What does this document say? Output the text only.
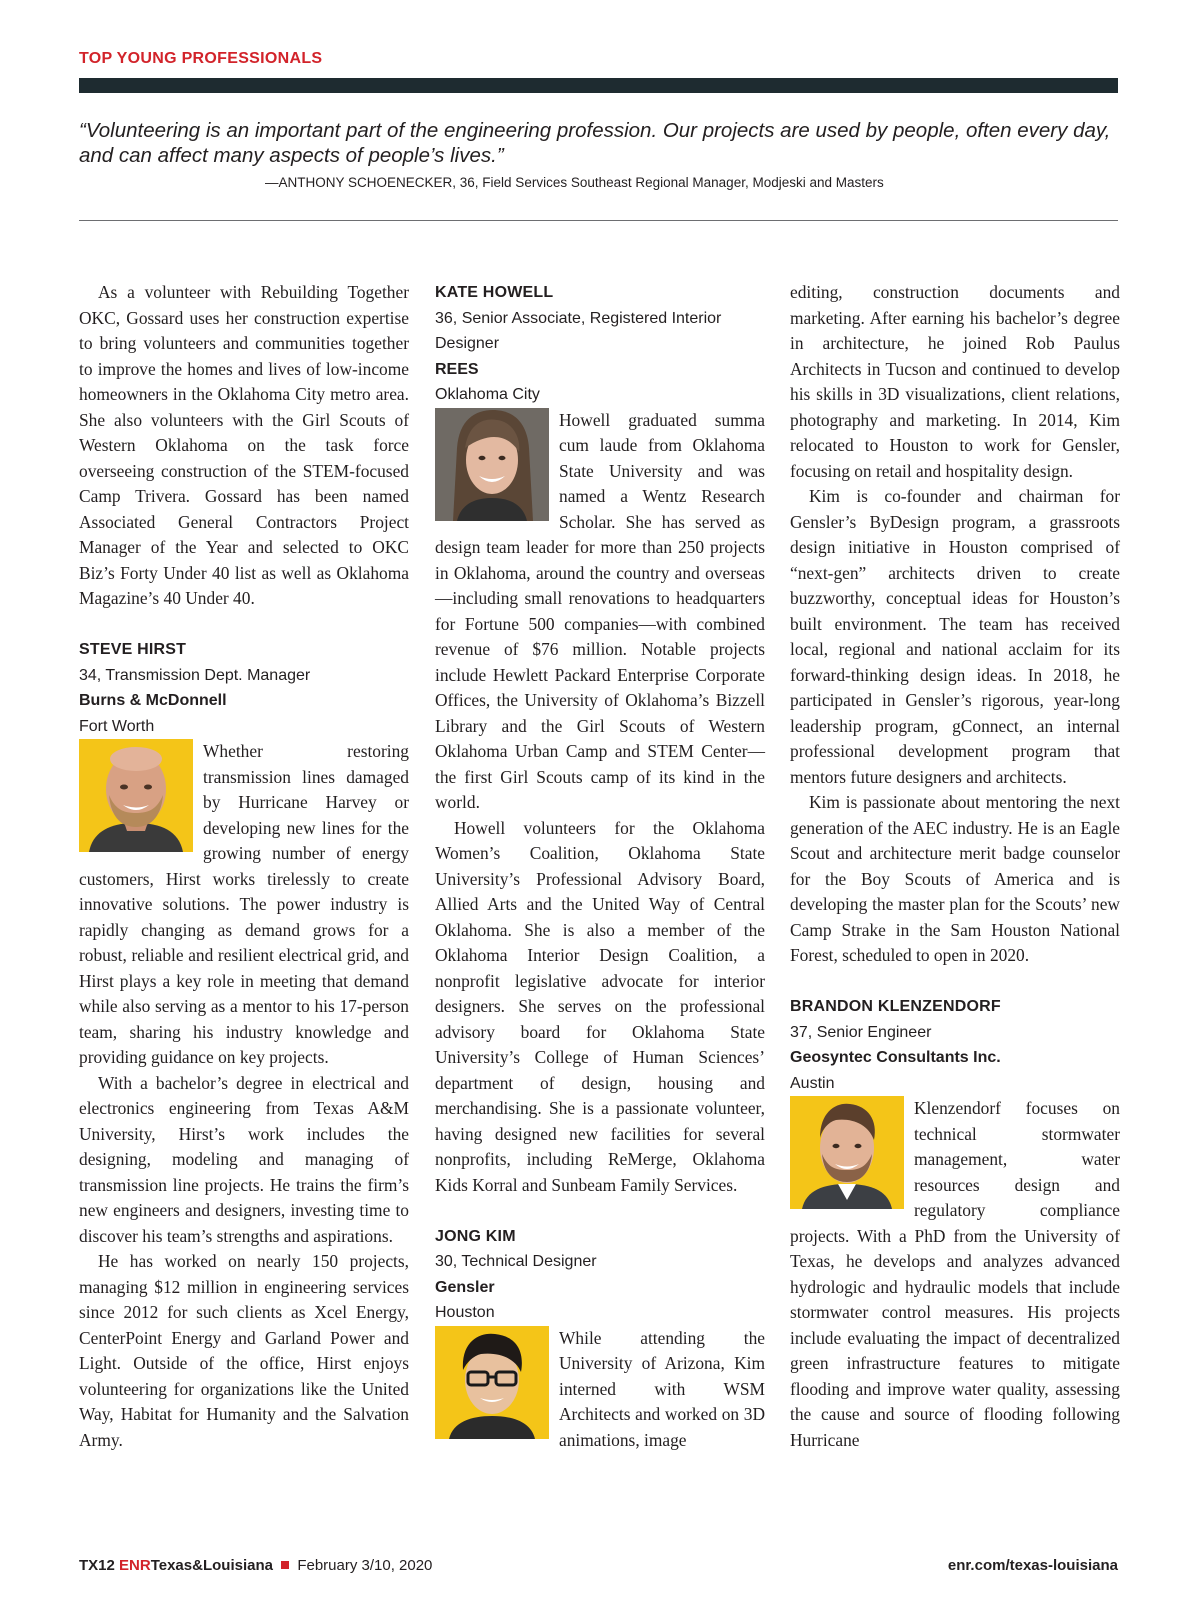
TOP YOUNG PROFESSIONALS
“Volunteering is an important part of the engineering profession. Our projects are used by people, often every day, and can affect many aspects of people’s lives.”
—ANTHONY SCHOENECKER, 36, Field Services Southeast Regional Manager, Modjeski and Masters

As a volunteer with Rebuilding Together OKC, Gossard uses her construction expertise to bring volunteers and communities together to improve the homes and lives of low-income homeowners in the Oklahoma City metro area. She also volunteers with the Girl Scouts of Western Oklahoma on the task force overseeing construction of the STEM-focused Camp Trivera. Gossard has been named Associated General Contractors Project Manager of the Year and selected to OKC Biz’s Forty Under 40 list as well as Oklahoma Magazine’s 40 Under 40.

STEVE HIRST
34, Transmission Dept. Manager
Burns & McDonnell
Fort Worth

Whether restoring transmission lines damaged by Hurricane Harvey or developing new lines for the growing number of energy customers, Hirst works tirelessly to create innovative solutions. The power industry is rapidly changing as demand grows for a robust, reliable and resilient electrical grid, and Hirst plays a key role in meeting that demand while also serving as a mentor to his 17-person team, sharing his industry knowledge and providing guidance on key projects.

With a bachelor’s degree in electrical and electronics engineering from Texas A&M University, Hirst’s work includes the designing, modeling and managing of transmission line projects. He trains the firm’s new engineers and designers, investing time to discover his team’s strengths and aspirations.

He has worked on nearly 150 projects, managing $12 million in engineering services since 2012 for such clients as Xcel Energy, CenterPoint Energy and Garland Power and Light. Outside of the office, Hirst enjoys volunteering for organizations like the United Way, Habitat for Humanity and the Salvation Army.

KATE HOWELL
36, Senior Associate, Registered Interior Designer
REES
Oklahoma City

Howell graduated summa cum laude from Oklahoma State University and was named a Wentz Research Scholar. She has served as design team leader for more than 250 projects in Oklahoma, around the country and overseas—including small renovations to headquarters for Fortune 500 companies—with combined revenue of $76 million. Notable projects include Hewlett Packard Enterprise Corporate Offices, the University of Oklahoma’s Bizzell Library and the Girl Scouts of Western Oklahoma Urban Camp and STEM Center—the first Girl Scouts camp of its kind in the world.

Howell volunteers for the Oklahoma Women’s Coalition, Oklahoma State University’s Professional Advisory Board, Allied Arts and the United Way of Central Oklahoma. She is also a member of the Oklahoma Interior Design Coalition, a nonprofit legislative advocate for interior designers. She serves on the professional advisory board for Oklahoma State University’s College of Human Sciences’ department of design, housing and merchandising. She is a passionate volunteer, having designed new facilities for several nonprofits, including ReMerge, Oklahoma Kids Korral and Sunbeam Family Services.

JONG KIM
30, Technical Designer
Gensler
Houston

While attending the University of Arizona, Kim interned with WSM Architects and worked on 3D animations, image

editing, construction documents and marketing. After earning his bachelor’s degree in architecture, he joined Rob Paulus Architects in Tucson and continued to develop his skills in 3D visualizations, client relations, photography and marketing. In 2014, Kim relocated to Houston to work for Gensler, focusing on retail and hospitality design.

Kim is co-founder and chairman for Gensler’s ByDesign program, a grassroots design initiative in Houston comprised of “next-gen” architects driven to create buzzworthy, conceptual ideas for Houston’s built environment. The team has received local, regional and national acclaim for its forward-thinking design ideas. In 2018, he participated in Gensler’s rigorous, year-long leadership program, gConnect, an internal professional development program that mentors future designers and architects.

Kim is passionate about mentoring the next generation of the AEC industry. He is an Eagle Scout and architecture merit badge counselor for the Boy Scouts of America and is developing the master plan for the Scouts’ new Camp Strake in the Sam Houston National Forest, scheduled to open in 2020.

BRANDON KLENZENDORF
37, Senior Engineer
Geosyntec Consultants Inc.
Austin

Klenzendorf focuses on technical stormwater management, water resources design and regulatory compliance projects. With a PhD from the University of Texas, he develops and analyzes advanced hydrologic and hydraulic models that include stormwater control measures. His projects include evaluating the impact of decentralized green infrastructure features to mitigate flooding and improve water quality, assessing the cause and source of flooding following Hurricane

TX12 ENRTexas&Louisiana February 3/10, 2020	enr.com/texas-louisiana
